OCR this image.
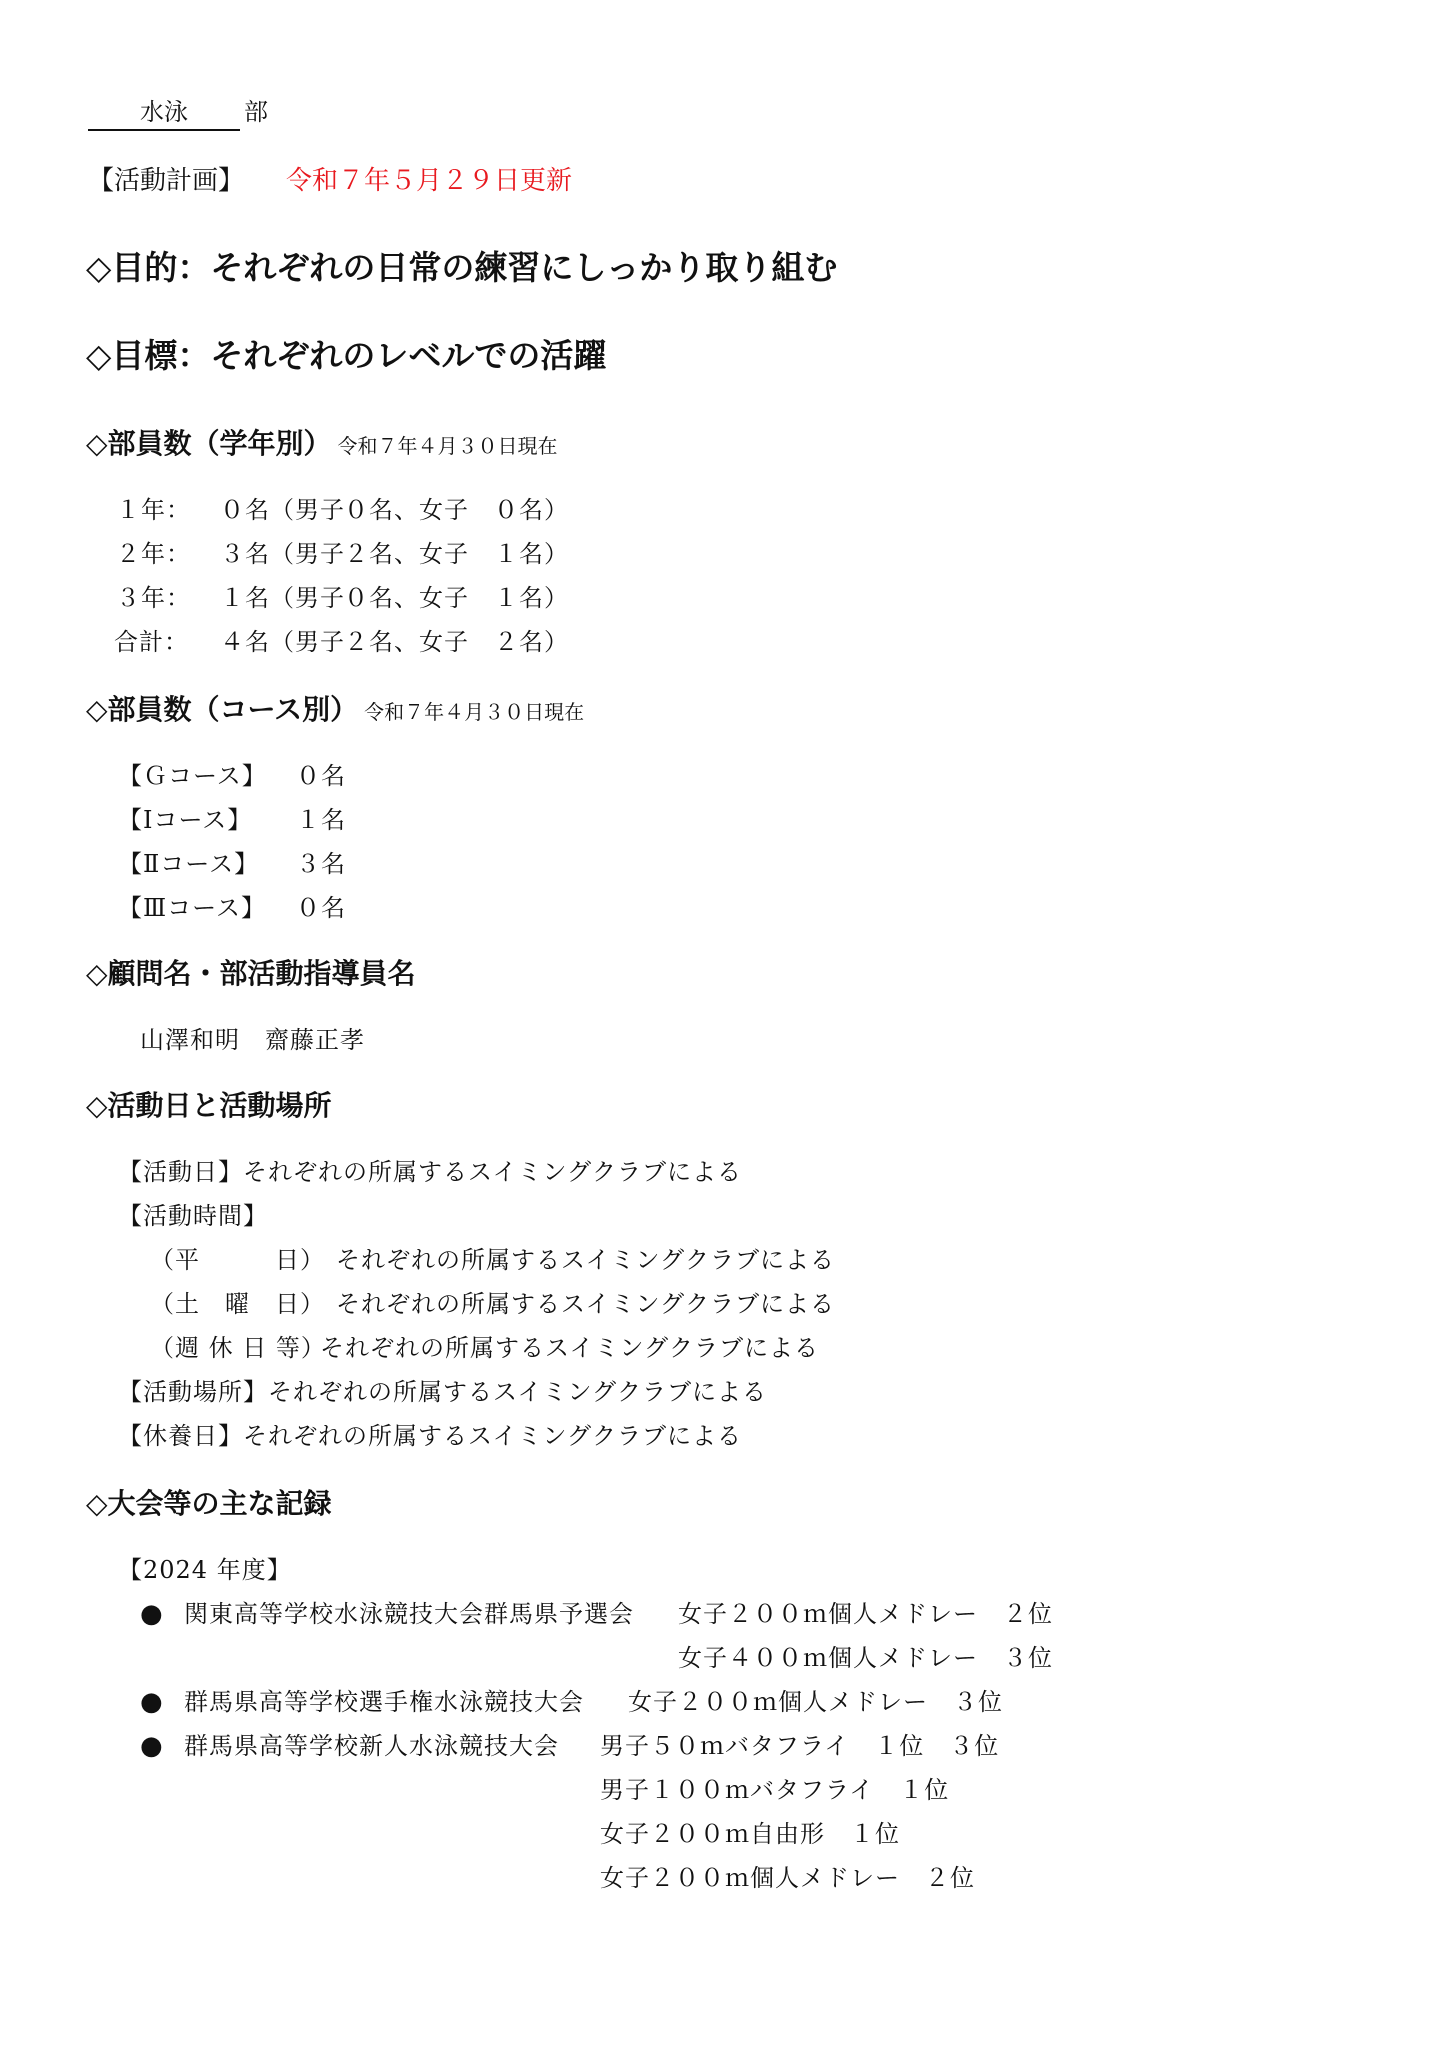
水泳 部
【活動計画】 令和７年５月２９日更新
◇目的：それぞれの日常の練習にしっかり取り組む
◇目標：それぞれのレベルでの活躍
◇部員数（学年別） 令和７年４月３０日現在
１年： ０名（男子０名、女子 ０名）
２年： ３名（男子２名、女子 １名）
３年： １名（男子０名、女子 １名）
合計： ４名（男子２名、女子 ２名）
◇部員数（コース別） 令和７年４月３０日現在
【Ｇコース】 ０名
【Ⅰコース】 １名
【Ⅱコース】 ３名
【Ⅲコース】 ０名
◇顧問名・部活動指導員名
山澤和明　齋藤正孝
◇活動日と活動場所
【活動日】それぞれの所属するスイミングクラブによる
【活動時間】
（平　　　日） それぞれの所属するスイミングクラブによる
（土　曜　日） それぞれの所属するスイミングクラブによる
（週 休 日 等）それぞれの所属するスイミングクラブによる
【活動場所】それぞれの所属するスイミングクラブによる
【休養日】それぞれの所属するスイミングクラブによる
◇大会等の主な記録
【2024 年度】
● 関東高等学校水泳競技大会群馬県予選会 女子２００ｍ個人メドレー　２位
女子４００ｍ個人メドレー　３位
● 群馬県高等学校選手権水泳競技大会 女子２００ｍ個人メドレー　３位
● 群馬県高等学校新人水泳競技大会 男子５０ｍバタフライ　１位　３位
男子１００ｍバタフライ　１位
女子２００ｍ自由形　１位
女子２００ｍ個人メドレー　２位
